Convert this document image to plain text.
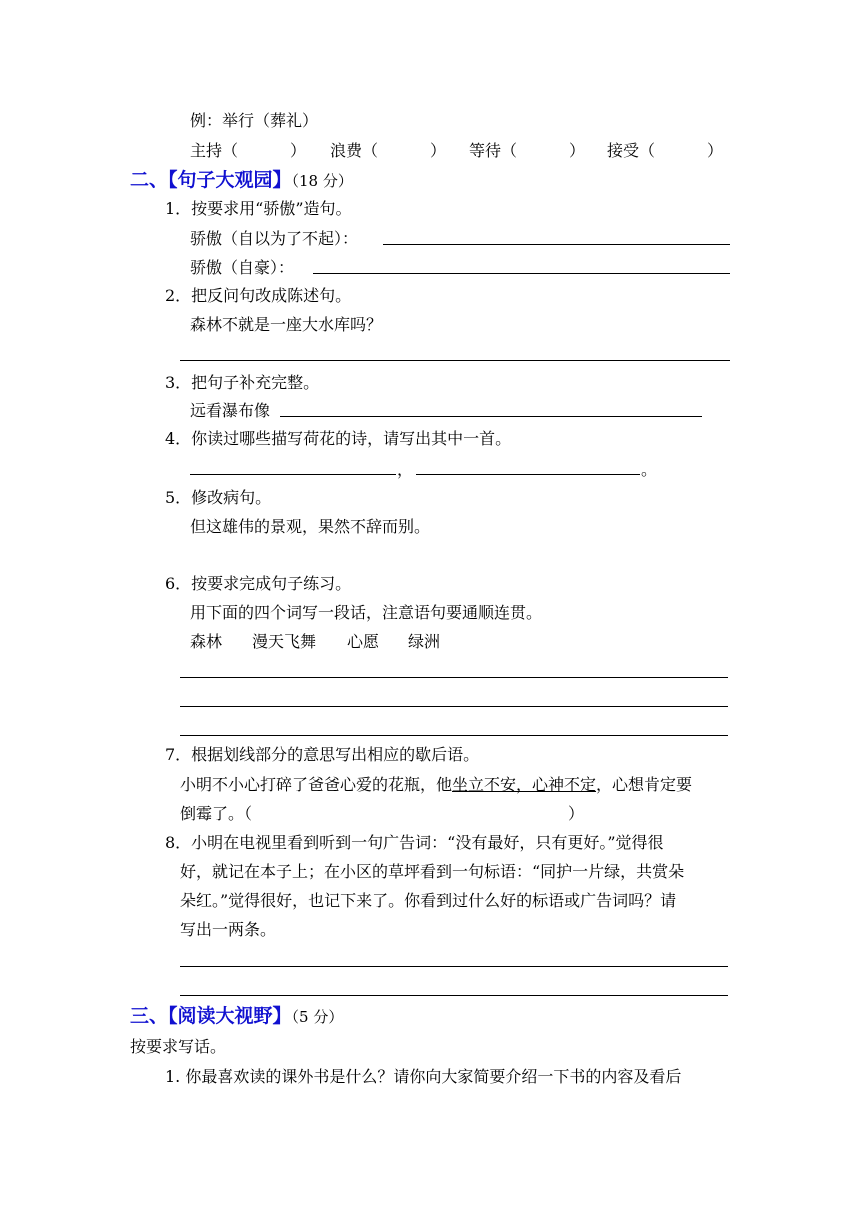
例：举行（葬礼）
主持（	） 浪费（	） 等待（	） 接受（	）
二、【句子大观园】（18 分）
1．按要求用“骄傲”造句。
骄傲（自以为了不起）：
骄傲（自豪）：
2．把反问句改成陈述句。
森林不就是一座大水库吗？
3．把句子补充完整。
远看瀑布像
4．你读过哪些描写荷花的诗，请写出其中一首。
，	。
5．修改病句。
但这雄伟的景观，果然不辞而别。
6．按要求完成句子练习。
用下面的四个词写一段话，注意语句要通顺连贯。
森林 漫天飞舞 心愿 绿洲
7．根据划线部分的意思写出相应的歇后语。
小明不小心打碎了爸爸心爱的花瓶，他坐立不安，心神不定，心想肯定要
倒霉了。（	）
8．小明在电视里看到听到一句广告词：“没有最好，只有更好。”觉得很
好，就记在本子上；在小区的草坪看到一句标语：“同护一片绿，共赏朵
朵红。”觉得很好，也记下来了。你看到过什么好的标语或广告词吗？请
写出一两条。
三、【阅读大视野】（5 分）
按要求写话。
1. 你最喜欢读的课外书是什么？请你向大家简要介绍一下书的内容及看后
